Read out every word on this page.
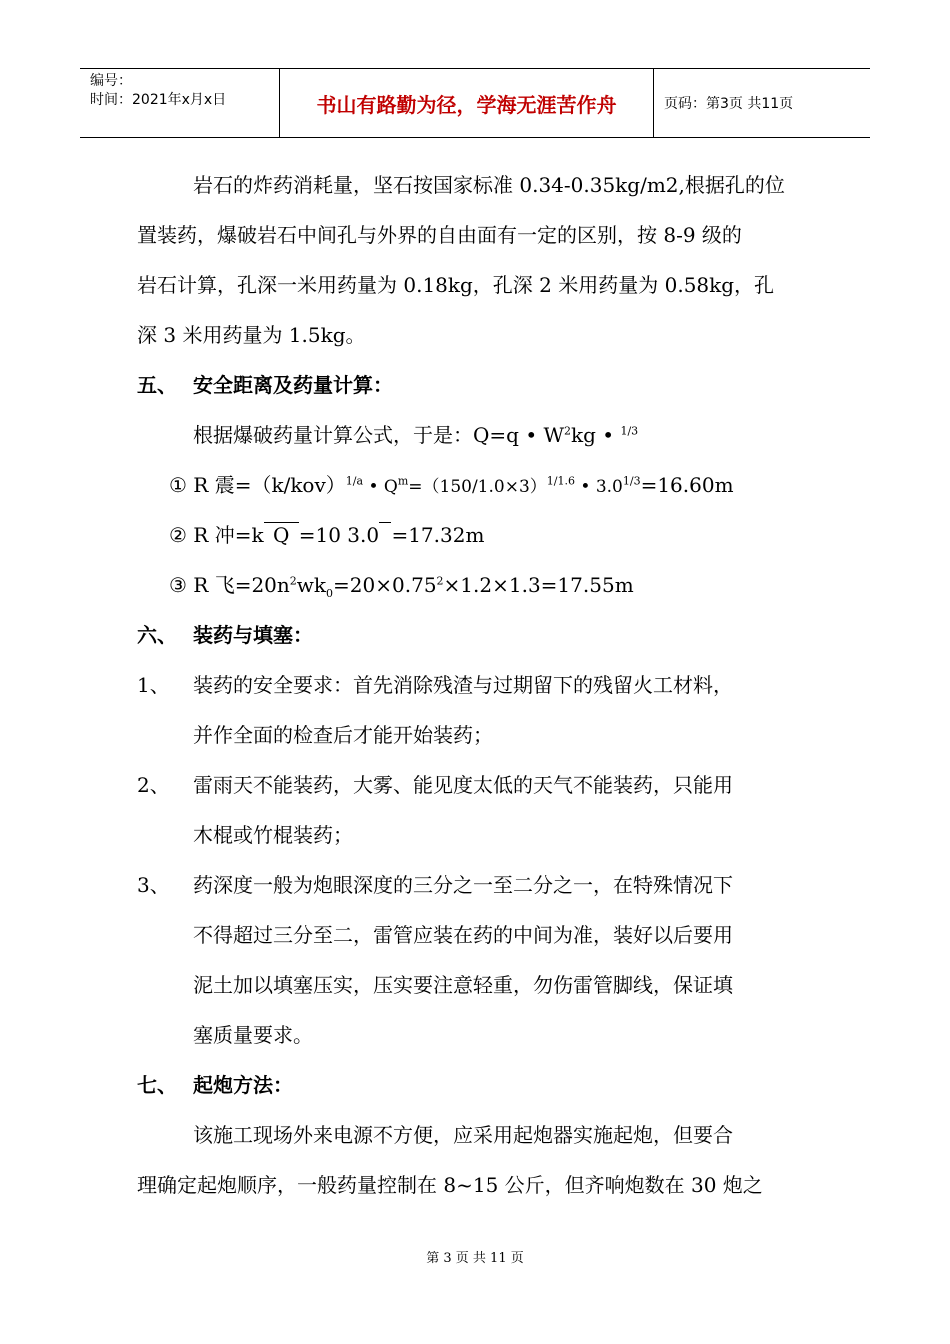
编号：
时间：2021年x月x日	书山有路勤为径，学海无涯苦作舟	页码：第3页 共11页
岩石的炸药消耗量，坚石按国家标准 0.34-0.35kg/m2,根据孔的位
置装药，爆破岩石中间孔与外界的自由面有一定的区别，按 8-9 级的
岩石计算，孔深一米用药量为 0.18kg，孔深 2 米用药量为 0.58kg，孔
深 3 米用药量为 1.5kg。
五、 安全距离及药量计算：
根据爆破药量计算公式，于是：Q=q • $W^2kg$ • $^{1/3}$
① R 震$=(k/kov)^{1/a}$ • $Q^m=(150/1.0\times 3)^{1/1.6}$ • $3.0^{1/3}=16.60m$
② R 冲=k Q =10 3.0 =17.32m
③ R 飞$=20n^2wk_0=20\times 0.75^2\times 1.2\times 1.3=17.55m$
六、 装药与填塞：
1、 装药的安全要求：首先消除残渣与过期留下的残留火工材料，
并作全面的检查后才能开始装药；
2、 雷雨天不能装药，大雾、能见度太低的天气不能装药，只能用
木棍或竹棍装药；
3、 药深度一般为炮眼深度的三分之一至二分之一，在特殊情况下
不得超过三分至二，雷管应装在药的中间为准，装好以后要用
泥土加以填塞压实，压实要注意轻重，勿伤雷管脚线，保证填
塞质量要求。
七、 起炮方法：
该施工现场外来电源不方便，应采用起炮器实施起炮，但要合
理确定起炮顺序，一般药量控制在 8~15 公斤，但齐响炮数在 30 炮之
第 3 页 共 11 页
